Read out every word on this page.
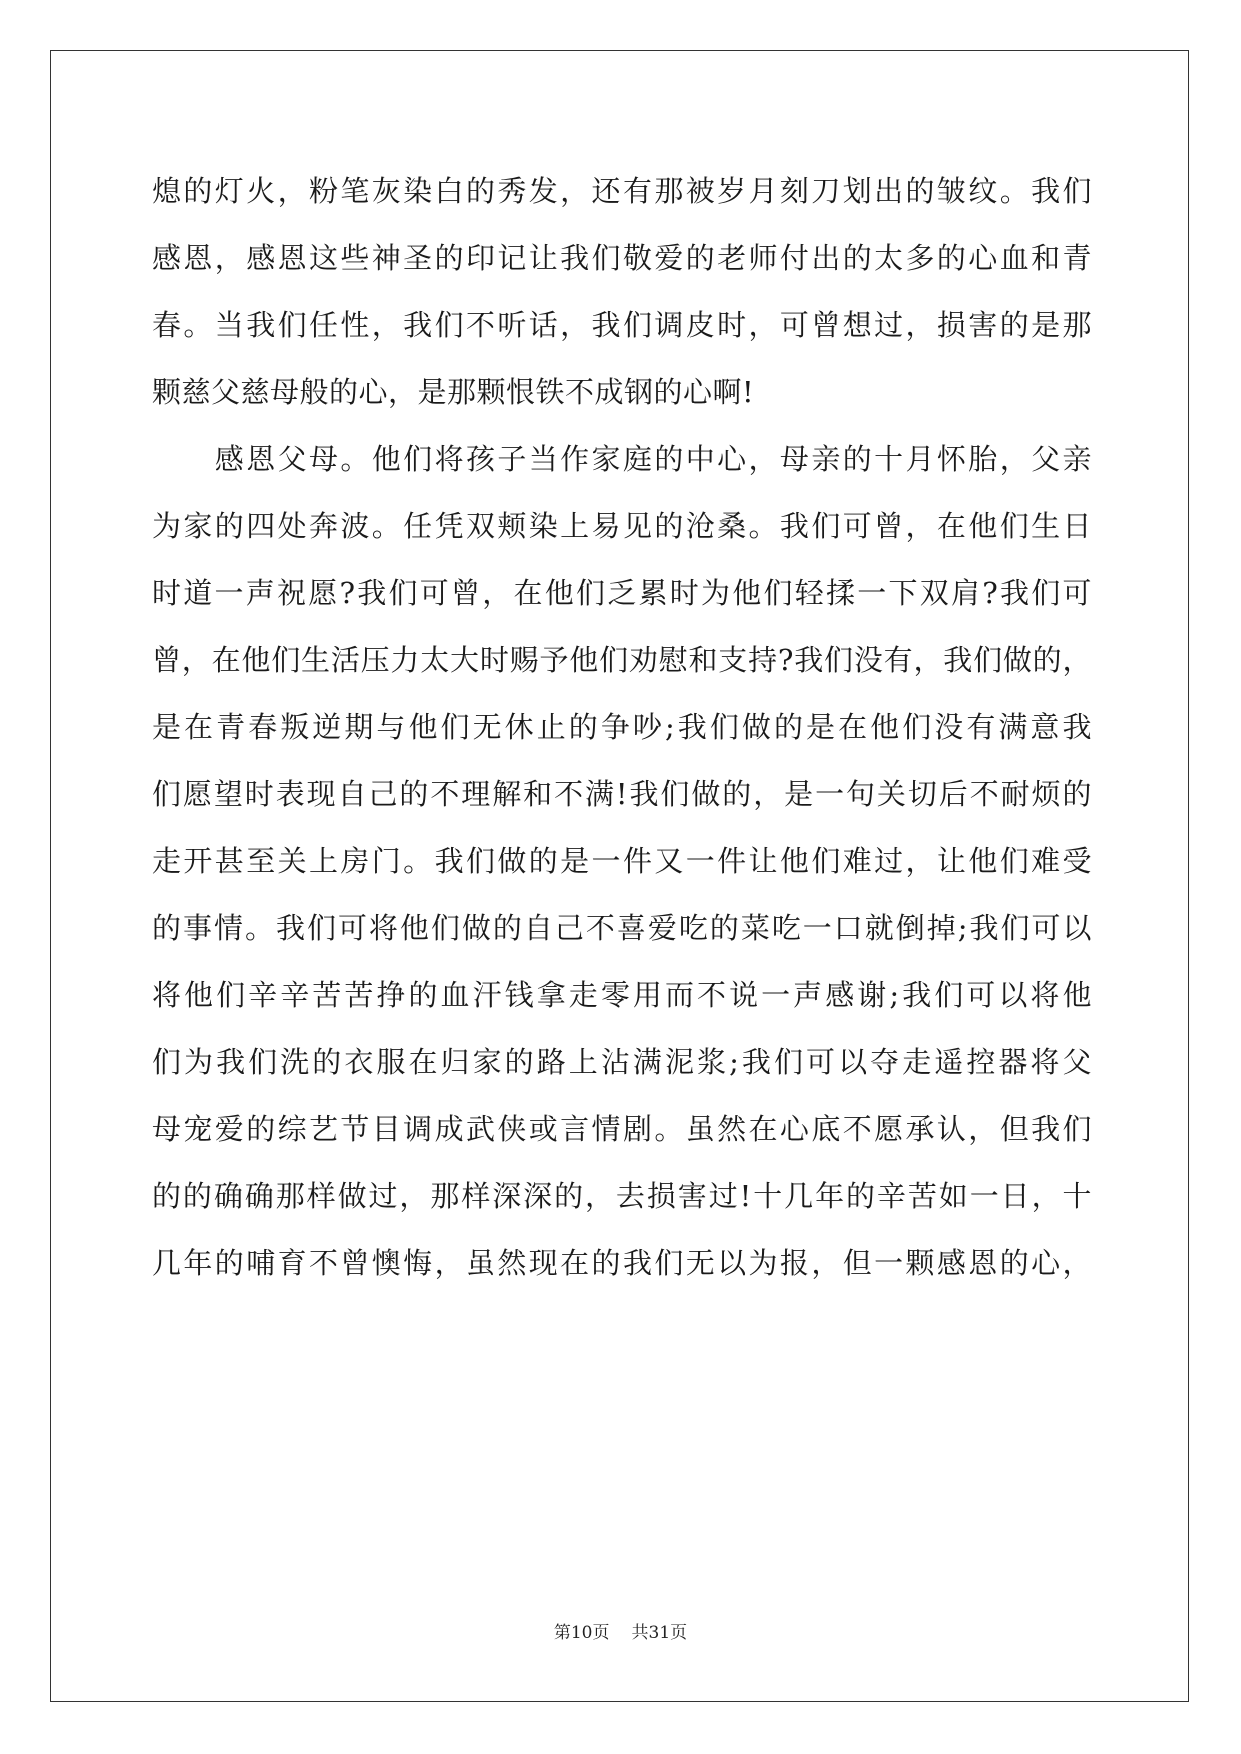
熄的灯火，粉笔灰染白的秀发，还有那被岁月刻刀划出的皱纹。我们
感恩，感恩这些神圣的印记让我们敬爱的老师付出的太多的心血和青
春。当我们任性，我们不听话，我们调皮时，可曾想过，损害的是那
颗慈父慈母般的心，是那颗恨铁不成钢的心啊!
　　感恩父母。他们将孩子当作家庭的中心，母亲的十月怀胎，父亲
为家的四处奔波。任凭双颊染上易见的沧桑。我们可曾，在他们生日
时道一声祝愿?我们可曾，在他们乏累时为他们轻揉一下双肩?我们可
曾，在他们生活压力太大时赐予他们劝慰和支持?我们没有，我们做的，
是在青春叛逆期与他们无休止的争吵;我们做的是在他们没有满意我
们愿望时表现自己的不理解和不满!我们做的，是一句关切后不耐烦的
走开甚至关上房门。我们做的是一件又一件让他们难过，让他们难受
的事情。我们可将他们做的自己不喜爱吃的菜吃一口就倒掉;我们可以
将他们辛辛苦苦挣的血汗钱拿走零用而不说一声感谢;我们可以将他
们为我们洗的衣服在归家的路上沾满泥浆;我们可以夺走遥控器将父
母宠爱的综艺节目调成武侠或言情剧。虽然在心底不愿承认，但我们
的的确确那样做过，那样深深的，去损害过!十几年的辛苦如一日，十
几年的哺育不曾懊悔，虽然现在的我们无以为报，但一颗感恩的心，
第10页 共31页
